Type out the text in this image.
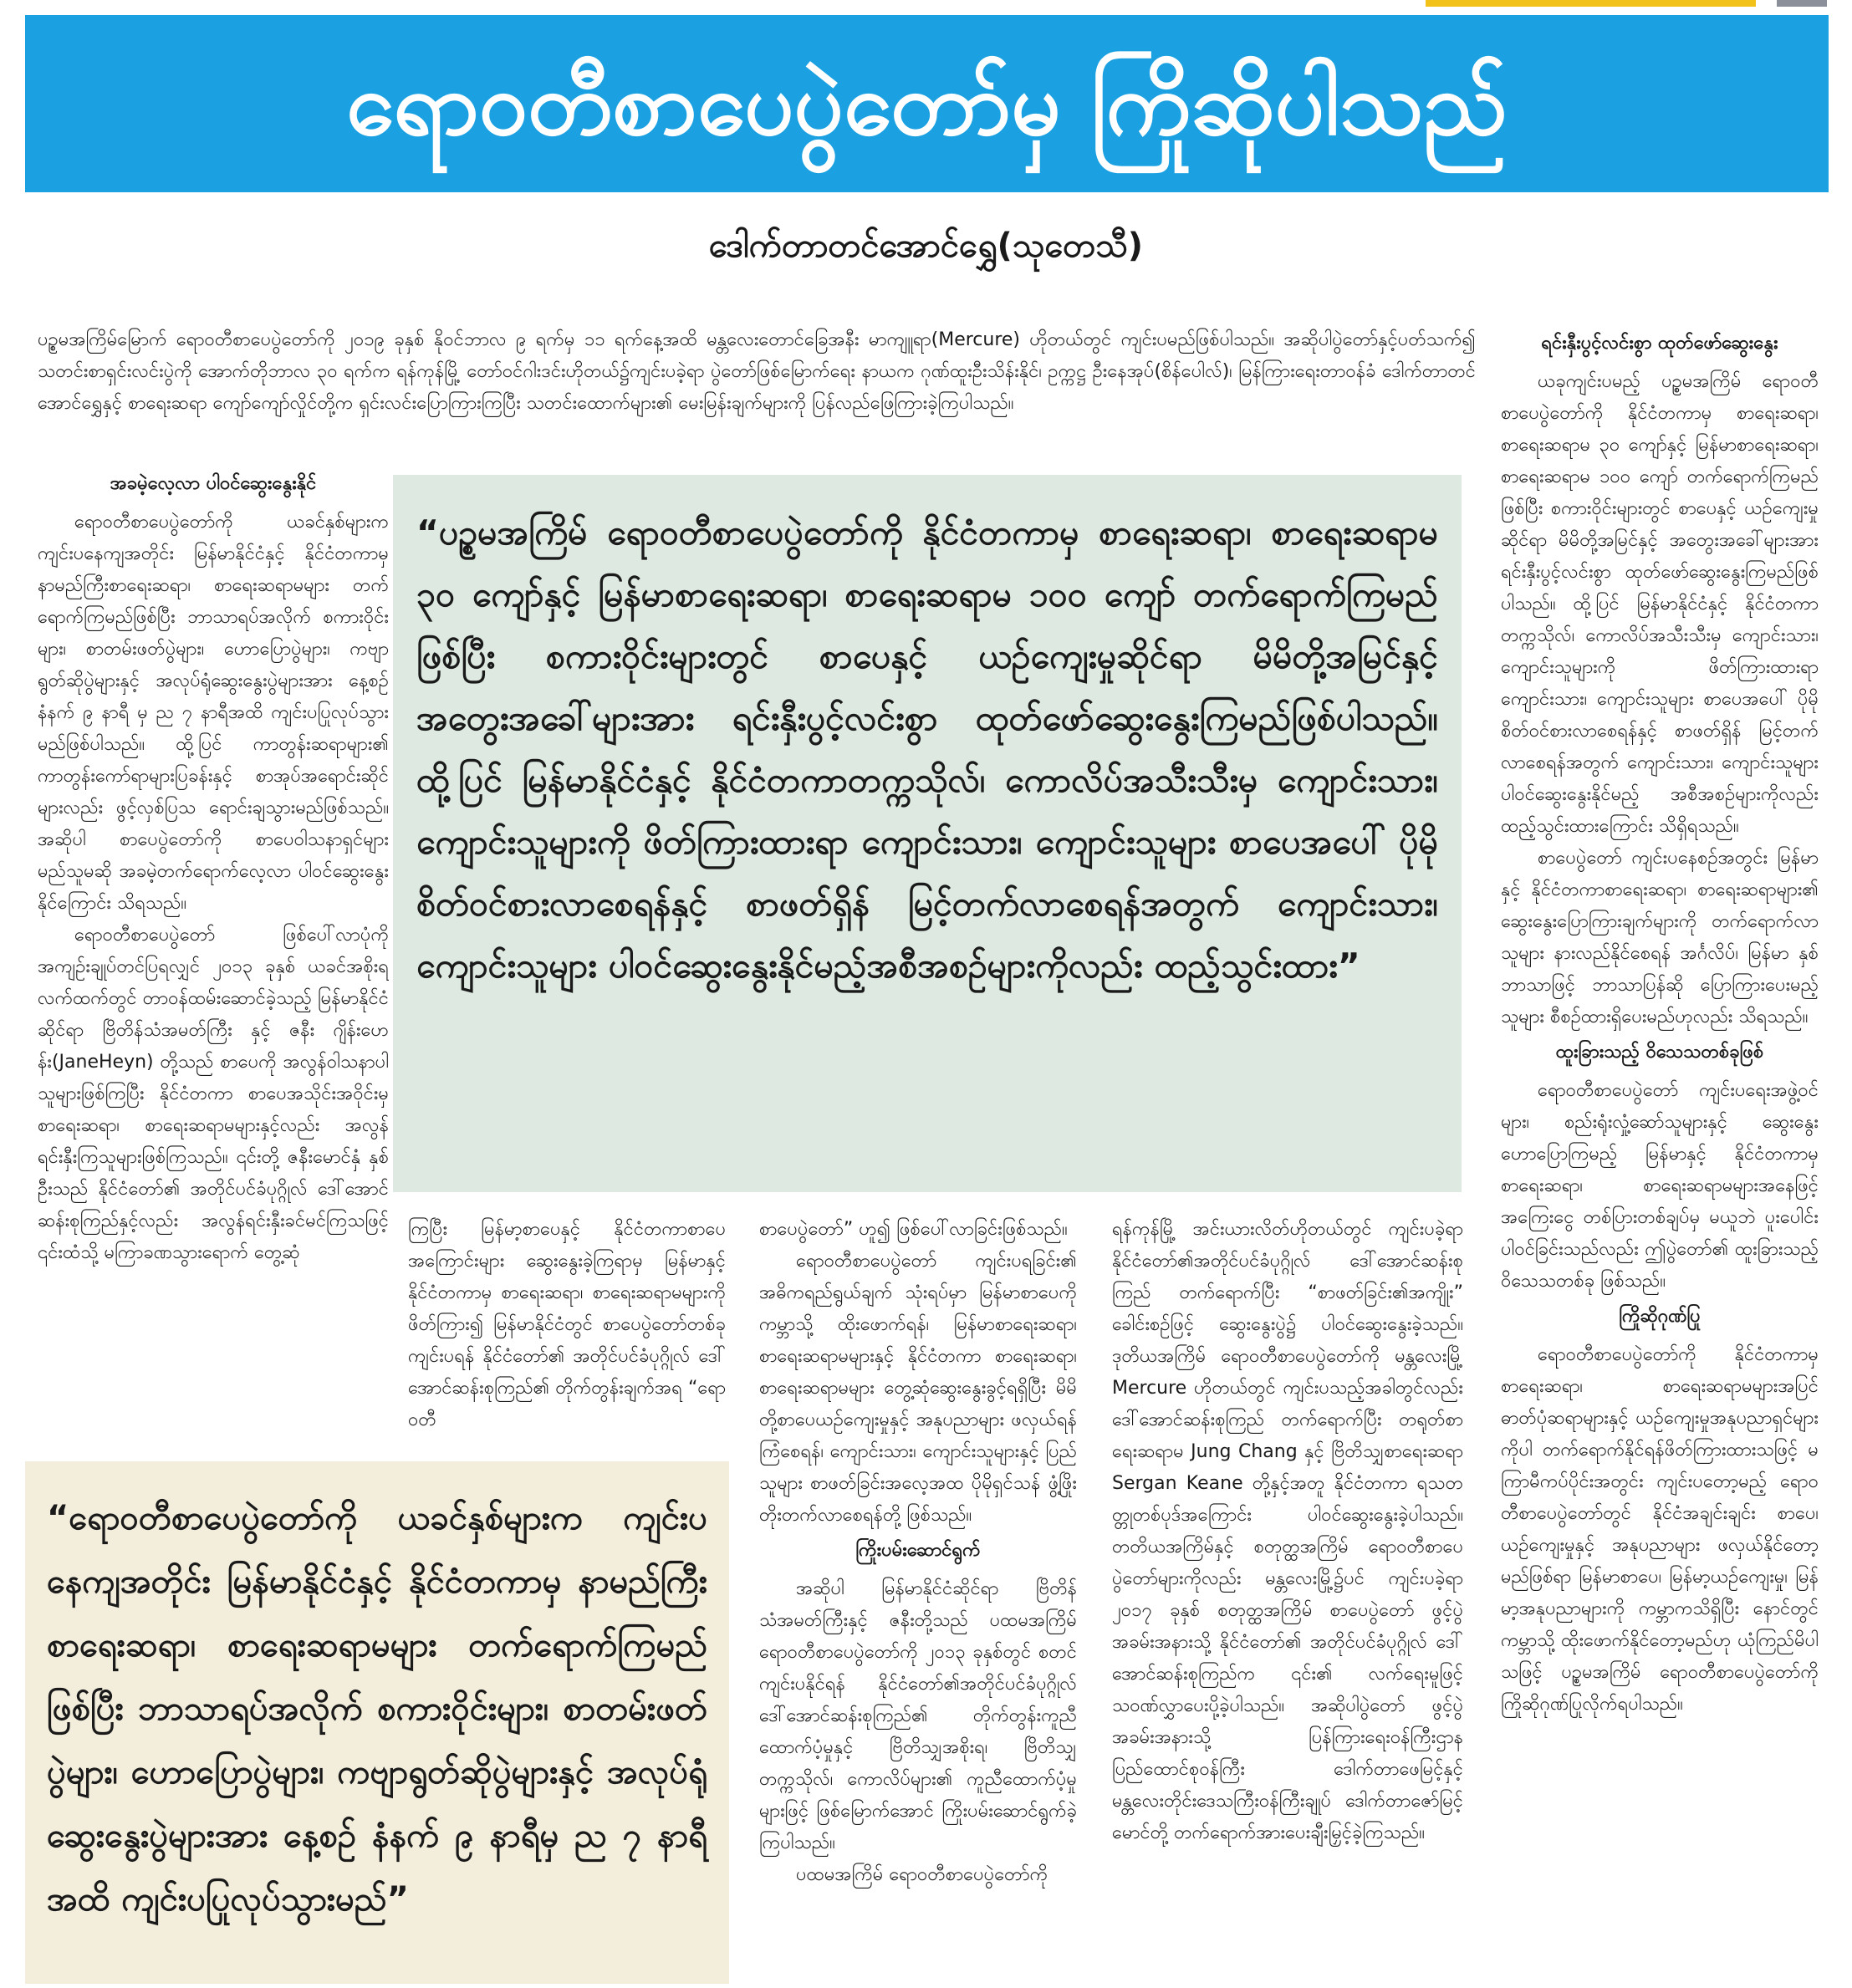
ရောဝတီစာပေပွဲတော်မှ ကြိုဆိုပါသည်
ဒေါက်တာတင်အောင်ရွှေ(သုတေသီ)
ပဉ္စမအကြိမ်မြောက် ရောဝတီစာပေပွဲတော်ကို ၂၀၁၉ ခုနှစ် နိုဝင်ဘာလ ၉ ရက်မှ ၁၁ ရက်နေ့အထိ မန္တလေးတောင်ခြေအနီး မာကျူရာ(Mercure) ဟိုတယ်တွင် ကျင်းပမည်ဖြစ်ပါသည်။ အဆိုပါပွဲတော်နှင့်ပတ်သက်၍ သတင်းစာရှင်းလင်းပွဲကို အောက်တိုဘာလ ၃၀ ရက်က ရန်ကုန်မြို့ တော်ဝင်ဂါးဒင်းဟိုတယ်၌ကျင်းပခဲ့ရာ ပွဲတော်ဖြစ်မြောက်ရေး နာယက ဂုဏ်ထူးဦးသိန်းနိုင်၊ ဥက္ကဋ္ဌ ဦးနေအုပ်(စိန်ပေါလ်)၊ မြန်ကြားရေးတာဝန်ခံ ဒေါက်တာတင်အောင်ရွှေနှင့် စာရေးဆရာ ကျော်ကျော်လှိုင်တို့က ရှင်းလင်းပြောကြားကြပြီး သတင်းထောက်များ၏ မေးမြန်းချက်များကို ပြန်လည်ဖြေကြားခဲ့ကြပါသည်။
အခမဲ့လေ့လာ ပါဝင်ဆွေးနွေးနိုင်

ရောဝတီစာပေပွဲတော်ကို ယခင်နှစ်များက ကျင်းပနေကျအတိုင်း မြန်မာနိုင်ငံနှင့် နိုင်ငံတကာမှ နာမည်ကြီးစာရေးဆရာ၊ စာရေးဆရာမများ တက်ရောက်ကြမည်ဖြစ်ပြီး ဘာသာရပ်အလိုက် စကားဝိုင်းများ၊ စာတမ်းဖတ်ပွဲများ၊ ဟောပြောပွဲများ၊ ကဗျာရွတ်ဆိုပွဲများနှင့် အလုပ်ရုံဆွေးနွေးပွဲများအား နေ့စဉ် နံနက် ၉ နာရီ မှ ည ၇ နာရီအထိ ကျင်းပပြုလုပ်သွားမည်ဖြစ်ပါသည်။ ထို့ပြင် ကာတွန်းဆရာများ၏ ကာတွန်းကော်ရာများပြခန်းနှင့် စာအုပ်အရောင်းဆိုင်များလည်း ဖွင့်လှစ်ပြသ ရောင်းချသွားမည်ဖြစ်သည်။ အဆိုပါ စာပေပွဲတော်ကို စာပေဝါသနာရှင်များ မည်သူမဆို အခမဲ့တက်ရောက်လေ့လာ ပါဝင်ဆွေးနွေးနိုင်ကြောင်း သိရသည်။

ရောဝတီစာပေပွဲတော် ဖြစ်ပေါ်လာပုံကို အကျဉ်းချုပ်တင်ပြရလျှင် ၂၀၁၃ ခုနှစ် ယခင်အစိုးရလက်ထက်တွင် တာဝန်ထမ်းဆောင်ခဲ့သည့် မြန်မာနိုင်ငံဆိုင်ရာ ဗြိတိန်သံအမတ်ကြီး နှင့် ဇနီး ဂျိန်းဟေန်း(JaneHeyn) တို့သည် စာပေကို အလွန်ဝါသနာပါသူများဖြစ်ကြပြီး နိုင်ငံတကာ စာပေအသိုင်းအဝိုင်းမှ စာရေးဆရာ၊ စာရေးဆရာမများနှင့်လည်း အလွန်ရင်းနှီးကြသူများဖြစ်ကြသည်။ ၎င်းတို့ ဇနီးမောင်နှံ နှစ်ဦးသည် နိုင်ငံတော်၏ အတိုင်ပင်ခံပုဂ္ဂိုလ် ဒေါ်အောင်ဆန်းစုကြည်နှင့်လည်း အလွန်ရင်းနှီးခင်မင်ကြသဖြင့် ၎င်းထံသို့ မကြာခဏသွားရောက် တွေ့ဆုံ

“ပဉ္စမအကြိမ် ရောဝတီစာပေပွဲတော်ကို နိုင်ငံတကာမှ စာရေးဆရာ၊ စာရေးဆရာမ ၃၀ ကျော်နှင့် မြန်မာစာရေးဆရာ၊ စာရေးဆရာမ ၁၀၀ ကျော် တက်ရောက်ကြမည်ဖြစ်ပြီး စကားဝိုင်းများတွင် စာပေနှင့် ယဉ်ကျေးမှုဆိုင်ရာ မိမိတို့အမြင်နှင့် အတွေးအခေါ်များအား ရင်းနှီးပွင့်လင်းစွာ ထုတ်ဖော်ဆွေးနွေးကြမည်ဖြစ်ပါသည်။ ထို့ပြင် မြန်မာနိုင်ငံနှင့် နိုင်ငံတကာတက္ကသိုလ်၊ ကောလိပ်အသီးသီးမှ ကျောင်းသား၊ ကျောင်းသူများကို ဖိတ်ကြားထားရာ ကျောင်းသား၊ ကျောင်းသူများ စာပေအပေါ် ပိုမိုစိတ်ဝင်စားလာစေရန်နှင့် စာဖတ်ရှိန် မြင့်တက်လာစေရန်အတွက် ကျောင်းသား၊ ကျောင်းသူများ ပါဝင်ဆွေးနွေးနိုင်မည့်အစီအစဉ်များကိုလည်း ထည့်သွင်းထား”

ကြပြီး မြန်မာ့စာပေနှင့် နိုင်ငံတကာစာပေအကြောင်းများ ဆွေးနွေးခဲ့ကြရာမှ မြန်မာနှင့် နိုင်ငံတကာမှ စာရေးဆရာ၊ စာရေးဆရာမများကို ဖိတ်ကြား၍ မြန်မာနိုင်ငံတွင် စာပေပွဲတော်တစ်ခု ကျင်းပရန် နိုင်ငံတော်၏ အတိုင်ပင်ခံပုဂ္ဂိုလ် ဒေါ်အောင်ဆန်းစုကြည်၏ တိုက်တွန်းချက်အရ “ရောဝတီ

စာပေပွဲတော်” ဟူ၍ ဖြစ်ပေါ်လာခြင်းဖြစ်သည်။

ရောဝတီစာပေပွဲတော် ကျင်းပရခြင်း၏ အဓိကရည်ရွယ်ချက် သုံးရပ်မှာ မြန်မာစာပေကို ကမ္ဘာသို့ ထိုးဖောက်ရန်၊ မြန်မာစာရေးဆရာ၊ စာရေးဆရာမများနှင့် နိုင်ငံတကာ စာရေးဆရာ၊ စာရေးဆရာမများ တွေ့ဆုံဆွေးနွေးခွင့်ရရှိပြီး မိမိတို့စာပေယဉ်ကျေးမှုနှင့် အနုပညာများ ဖလှယ်ရန်ကြံစေရန်၊ ကျောင်းသား၊ ကျောင်းသူများနှင့် ပြည်သူများ စာဖတ်ခြင်းအလေ့အထ ပိုမိုရှင်သန် ဖွံ့ဖြိုးတိုးတက်လာစေရန်တို့ ဖြစ်သည်။

ကြိုးပမ်းဆောင်ရွက်

အဆိုပါ မြန်မာနိုင်ငံဆိုင်ရာ ဗြိတိန်သံအမတ်ကြီးနှင့် ဇနီးတို့သည် ပထမအကြိမ် ရောဝတီစာပေပွဲတော်ကို ၂၀၁၃ ခုနှစ်တွင် စတင်ကျင်းပနိုင်ရန် နိုင်ငံတော်၏အတိုင်ပင်ခံပုဂ္ဂိုလ် ဒေါ်အောင်ဆန်းစုကြည်၏ တိုက်တွန်းကူညီထောက်ပံ့မှုနှင့် ဗြိတိသျှအစိုးရ၊ ဗြိတိသျှတက္ကသိုလ်၊ ကောလိပ်များ၏ ကူညီထောက်ပံ့မှုများဖြင့် ဖြစ်မြောက်အောင် ကြိုးပမ်းဆောင်ရွက်ခဲ့ကြပါသည်။

ပထမအကြိမ် ရောဝတီစာပေပွဲတော်ကို

ရန်ကုန်မြို့ အင်းယားလိတ်ဟိုတယ်တွင် ကျင်းပခဲ့ရာ နိုင်ငံတော်၏အတိုင်ပင်ခံပုဂ္ဂိုလ် ဒေါ်အောင်ဆန်းစုကြည် တက်ရောက်ပြီး “စာဖတ်ခြင်း၏အကျိုး” ခေါင်းစဉ်ဖြင့် ဆွေးနွေးပွဲ၌ ပါဝင်ဆွေးနွေးခဲ့သည်။ ဒုတိယအကြိမ် ရောဝတီစာပေပွဲတော်ကို မန္တလေးမြို့ Mercure ဟိုတယ်တွင် ကျင်းပသည့်အခါတွင်လည်း ဒေါ်အောင်ဆန်းစုကြည် တက်ရောက်ပြီး တရုတ်စာရေးဆရာမ Jung Chang နှင့် ဗြိတိသျှစာရေးဆရာ Sergan Keane တို့နှင့်အတူ နိုင်ငံတကာ ရသတတ္တုတစ်ပုဒ်အကြောင်း ပါဝင်ဆွေးနွေးခဲ့ပါသည်။ တတိယအကြိမ်နှင့် စတုတ္ထအကြိမ် ရောဝတီစာပေပွဲတော်များကိုလည်း မန္တလေးမြို့၌ပင် ကျင်းပခဲ့ရာ ၂၀၁၇ ခုနှစ် စတုတ္ထအကြိမ် စာပေပွဲတော် ဖွင့်ပွဲအခမ်းအနားသို့ နိုင်ငံတော်၏ အတိုင်ပင်ခံပုဂ္ဂိုလ် ဒေါ်အောင်ဆန်းစုကြည်က ၎င်း၏ လက်ရေးမူဖြင့် သဝဏ်လွှာပေးပို့ခဲ့ပါသည်။ အဆိုပါပွဲတော် ဖွင့်ပွဲအခမ်းအနားသို့ ပြန်ကြားရေးဝန်ကြီးဌာန ပြည်ထောင်စုဝန်ကြီး ဒေါက်တာဖေမြင့်နှင့် မန္တလေးတိုင်းဒေသကြီးဝန်ကြီးချုပ် ဒေါက်တာဇော်မြင့်မောင်တို့ တက်ရောက်အားပေးချီးမြှင့်ခဲ့ကြသည်။

ရင်းနှီးပွင့်လင်းစွာ ထုတ်ဖော်ဆွေးနွေး

ယခုကျင်းပမည့် ပဉ္စမအကြိမ် ရောဝတီစာပေပွဲတော်ကို နိုင်ငံတကာမှ စာရေးဆရာ၊ စာရေးဆရာမ ၃၀ ကျော်နှင့် မြန်မာစာရေးဆရာ၊ စာရေးဆရာမ ၁၀၀ ကျော် တက်ရောက်ကြမည်ဖြစ်ပြီး စကားဝိုင်းများတွင် စာပေနှင့် ယဉ်ကျေးမှုဆိုင်ရာ မိမိတို့အမြင်နှင့် အတွေးအခေါ်များအား ရင်းနှီးပွင့်လင်းစွာ ထုတ်ဖော်ဆွေးနွေးကြမည်ဖြစ်ပါသည်။ ထို့ပြင် မြန်မာနိုင်ငံနှင့် နိုင်ငံတကာတက္ကသိုလ်၊ ကောလိပ်အသီးသီးမှ ကျောင်းသား၊ ကျောင်းသူများကို ဖိတ်ကြားထားရာ ကျောင်းသား၊ ကျောင်းသူများ စာပေအပေါ် ပိုမိုစိတ်ဝင်စားလာစေရန်နှင့် စာဖတ်ရှိန် မြင့်တက်လာစေရန်အတွက် ကျောင်းသား၊ ကျောင်းသူများ ပါဝင်ဆွေးနွေးနိုင်မည့် အစီအစဉ်များကိုလည်း ထည့်သွင်းထားကြောင်း သိရှိရသည်။

စာပေပွဲတော် ကျင်းပနေစဉ်အတွင်း မြန်မာနှင့် နိုင်ငံတကာစာရေးဆရာ၊ စာရေးဆရာများ၏ ဆွေးနွေးပြောကြားချက်များကို တက်ရောက်လာသူများ နားလည်နိုင်စေရန် အင်္ဂလိပ်၊ မြန်မာ နှစ်ဘာသာဖြင့် ဘာသာပြန်ဆို ပြောကြားပေးမည့်သူများ စီစဉ်ထားရှိပေးမည်ဟုလည်း သိရသည်။

ထူးခြားသည့် ဝိသေသတစ်ခုဖြစ်

ရောဝတီစာပေပွဲတော် ကျင်းပရေးအဖွဲ့ဝင်များ၊ စည်းရုံးလှုံ့ဆော်သူများနှင့် ဆွေးနွေးဟောပြောကြမည့် မြန်မာနှင့် နိုင်ငံတကာမှ စာရေးဆရာ၊ စာရေးဆရာမများအနေဖြင့် အကြေးငွေ တစ်ပြားတစ်ချပ်မှ မယူဘဲ ပူးပေါင်းပါဝင်ခြင်းသည်လည်း ဤပွဲတော်၏ ထူးခြားသည့် ဝိသေသတစ်ခု ဖြစ်သည်။

ကြိုဆိုဂုဏ်ပြု

ရောဝတီစာပေပွဲတော်ကို နိုင်ငံတကာမှ စာရေးဆရာ၊ စာရေးဆရာမများအပြင် ဓာတ်ပုံဆရာများနှင့် ယဉ်ကျေးမှုအနုပညာရှင်များကိုပါ တက်ရောက်နိုင်ရန်ဖိတ်ကြားထားသဖြင့် မကြာမီကပ်ပိုင်းအတွင်း ကျင်းပတော့မည့် ရောဝတီစာပေပွဲတော်တွင် နိုင်ငံအချင်းချင်း စာပေ၊ ယဉ်ကျေးမှုနှင့် အနုပညာများ ဖလှယ်နိုင်တော့မည်ဖြစ်ရာ မြန်မာစာပေ၊ မြန်မာ့ယဉ်ကျေးမှု၊ မြန်မာ့အနုပညာများကို ကမ္ဘာကသိရှိပြီး နောင်တွင် ကမ္ဘာသို့ ထိုးဖောက်နိုင်တော့မည်ဟု ယုံကြည်မိပါသဖြင့် ပဉ္စမအကြိမ် ရောဝတီစာပေပွဲတော်ကို ကြိုဆိုဂုဏ်ပြုလိုက်ရပါသည်။

“ရောဝတီစာပေပွဲတော်ကို ယခင်နှစ်များက ကျင်းပနေကျအတိုင်း မြန်မာနိုင်ငံနှင့် နိုင်ငံတကာမှ နာမည်ကြီးစာရေးဆရာ၊ စာရေးဆရာမများ တက်ရောက်ကြမည်ဖြစ်ပြီး ဘာသာရပ်အလိုက် စကားဝိုင်းများ၊ စာတမ်းဖတ်ပွဲများ၊ ဟောပြောပွဲများ၊ ကဗျာရွတ်ဆိုပွဲများနှင့် အလုပ်ရုံဆွေးနွေးပွဲများအား နေ့စဉ် နံနက် ၉ နာရီမှ ည ၇ နာရီအထိ ကျင်းပပြုလုပ်သွားမည်”
